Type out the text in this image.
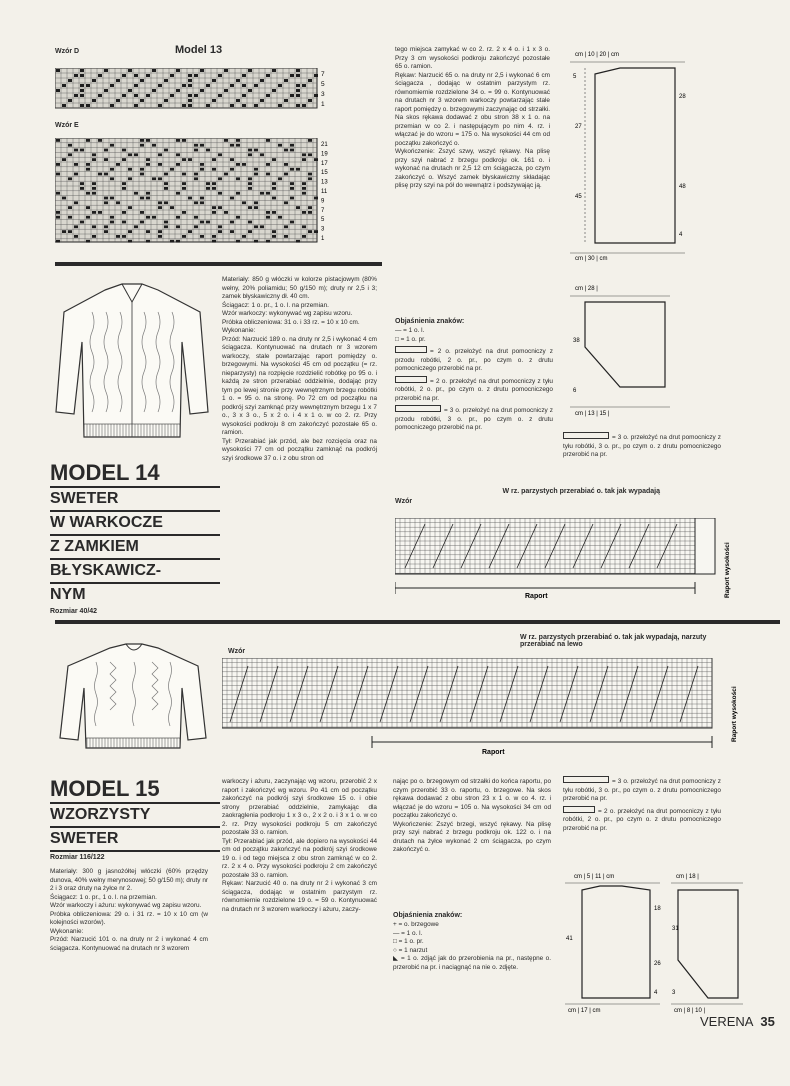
Wzór D	Model 13
7
5
3
1
Wzór E
21
19
17
15
13
11
9
7
5
3
1
tego miejsca zamykać w co 2. rz. 2 x 4 o. i 1 x 3 o. Przy 3 cm wysokości podkroju zakończyć pozostałe 65 o. ramion.
Rękaw: Narzucić 65 o. na druty nr 2,5 i wykonać 6 cm ściągacza , dodając w ostatnim parzystym rz. równomiernie rozdzielone 34 o. = 99 o. Kontynuować na drutach nr 3 wzorem warkoczy powtarzając stale raport pomiędzy o. brzegowymi zaczynając od strzałki. Na skos rękawa dodawać z obu stron 38 x 1 o. na przemian w co 2. i następującym po nim 4. rz. i włączać je do wzoru = 175 o. Na wysokości 44 cm od początku zakończyć o.
Wykończenie: Zszyć szwy, wszyć rękawy. Na plisę przy szyi nabrać z brzegu podkroju ok. 161 o. i wykonać na drutach nr 2,5 12 cm ściągacza, po czym zakończyć o. Wszyć zamek błyskawiczny składając plisę przy szyi na pół do wewnątrz i podszywając ją.
cm | 10 | 20 | cm
5
27
28
45
48
4
cm | 30 | cm
cm | 28 |
38
6
cm | 13 | 15 |
MODEL 14
SWETER
W WARKOCZE
Z ZAMKIEM
BŁYSKAWICZ-
NYM
Rozmiar 40/42
Materiały: 850 g włóczki w kolorze pistacjowym (80% wełny, 20% poliamidu; 50 g/150 m); druty nr 2,5 i 3; zamek błyskawiczny dł. 40 cm.
Ściągacz: 1 o. pr., 1 o. l. na przemian.
Wzór warkoczy: wykonywać wg zapisu wzoru.
Próbka obliczeniowa: 31 o. i 33 rz. = 10 x 10 cm.
Wykonanie:
Przód: Narzucić 189 o. na druty nr 2,5 i wykonać 4 cm ściągacza. Kontynuować na drutach nr 3 wzorem warkoczy, stale powtarzając raport pomiędzy o. brzegowymi. Na wysokości 45 cm od początku (= rz. nieparzysty) na rozpięcie rozdzielić robótkę po 95 o. i każdą ze stron przerabiać oddzielnie, dodając przy tym po lewej stronie przy wewnętrznym brzegu robótki 1 o. = 95 o. na stronę. Po 72 cm od początku na podkrój szyi zamknąć przy wewnętrznym brzegu 1 x 7 o., 3 x 3 o., 5 x 2 o. i 4 x 1 o. w co 2. rz. Przy wysokości podkroju 8 cm zakończyć pozostałe 65 o. ramion.
Tył: Przerabiać jak przód, ale bez rozcięcia oraz na wysokości 77 cm od początku zamknąć na podkrój szyi środkowe 37 o. i z obu stron od
Objaśnienia znaków:
— = 1 o. l.
□ = 1 o. pr.
= 2 o. przełożyć na drut pomocniczy z przodu robótki, 2 o. pr., po czym o. z drutu pomocniczego przerobić na pr.
= 2 o. przełożyć na drut pomocniczy z tyłu robótki, 2 o. pr., po czym o. z drutu pomocniczego przerobić na pr.
= 3 o. przełożyć na drut pomocniczy z przodu robótki, 3 o. pr., po czym o. z drutu pomocniczego przerobić na pr.
= 3 o. przełożyć na drut pomocniczy z tyłu robótki, 3 o. pr., po czym o. z drutu pomocniczego przerobić na pr.
Wzór
W rz. parzystych przerabiać o. tak jak wypadają
Raport	Raport wysokości
Wzór
W rz. parzystych przerabiać o. tak jak wypadają, narzuty przerabiać na lewo
Raport
Raport wysokości
MODEL 15
WZORZYSTY
SWETER
Rozmiar 116/122
Materiały: 300 g jasnożółtej włóczki (60% przędzy dunova, 40% wełny merynosowej; 50 g/150 m); druty nr 2 i 3 oraz druty na żyłce nr 2.
Ściągacz: 1 o. pr., 1 o. l. na przemian.
Wzór warkoczy i ażuru: wykonywać wg zapisu wzoru.
Próbka obliczeniowa: 29 o. i 31 rz. = 10 x 10 cm (w kolejności wzorów).
Wykonanie:
Przód: Narzucić 101 o. na druty nr 2 i wykonać 4 cm ściągacza. Kontynuować na drutach nr 3 wzorem
warkoczy i ażuru, zaczynając wg wzoru, przerobić 2 x raport i zakończyć wg wzoru. Po 41 cm od początku zakończyć na podkrój szyi środkowe 15 o. i obie strony przerabiać oddzielnie, zamykając dla zaokrąglenia podkroju 1 x 3 o., 2 x 2 o. i 3 x 1 o. w co 2. rz. Przy wysokości podkroju 5 cm zakończyć pozostałe 33 o. ramion.
Tył: Przerabiać jak przód, ale dopiero na wysokości 44 cm od początku zakończyć na podkrój szyi środkowe 19 o. i od tego miejsca z obu stron zamknąć w co 2. rz. 2 x 4 o. Przy wysokości podkroju 2 cm zakończyć pozostałe 33 o. ramion.
Rękaw: Narzucić 40 o. na druty nr 2 i wykonać 3 cm ściągacza, dodając w ostatnim parzystym rz. równomiernie rozdzielone 19 o. = 59 o. Kontynuować na drutach nr 3 wzorem warkoczy i ażuru, zaczy-
nając po o. brzegowym od strzałki do końca raportu, po czym przerobić 33 o. raportu, o. brzegowe. Na skos rękawa dodawać z obu stron 23 x 1 o. w co 4. rz. i włączać je do wzoru = 105 o. Na wysokości 34 cm od początku zakończyć o.
Wykończenie: Zszyć brzegi, wszyć rękawy. Na plisę przy szyi nabrać z brzegu podkroju ok. 122 o. i na drutach na żyłce wykonać 2 cm ściągacza, po czym zakończyć o.
Objaśnienia znaków:
+ = o. brzegowe
— = 1 o. l.
□ = 1 o. pr.
○ = 1 narzut
◣ = 1 o. zdjąć jak do przerobienia na pr., następne o. przerobić na pr. i naciągnąć na nie o. zdjęte.
= 3 o. przełożyć na drut pomocniczy z tyłu robótki, 3 o. pr., po czym o. z drutu pomocniczego przerobić na pr.
= 2 o. przełożyć na drut pomocniczy z tyłu robótki, 2 o. pr., po czym o. z drutu pomocniczego przerobić na pr.
cm | 5 | 11 | cm
18
41
26
4
cm | 17 | cm
cm | 18 |
31
3
cm | 8 | 10 |
VERENA 35
